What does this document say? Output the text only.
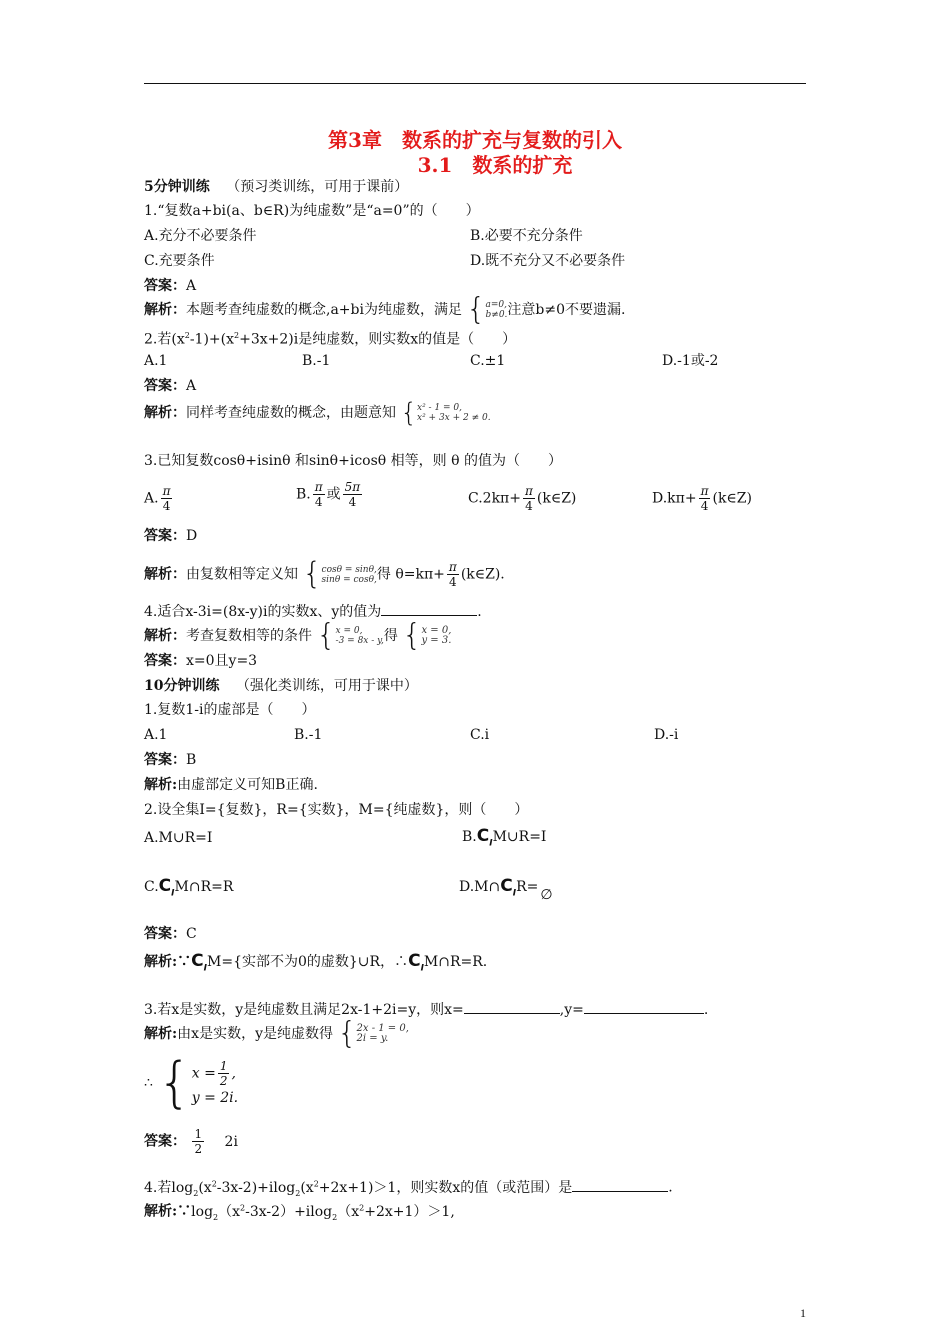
第3章　数系的扩充与复数的引入
3.1　数系的扩充
5分钟训练 （预习类训练，可用于课前）
1.“复数a+bi(a、b∈R)为纯虚数”是“a=0”的（　　）
A.充分不必要条件	B.必要不充分条件
C.充要条件	D.既不充分又不必要条件
答案：A
解析：本题考查纯虚数的概念,a+bi为纯虚数，满足 { a=0,
b≠0. 注意b≠0不要遗漏.
2.若$(x^2-1)+(x^2+3x+2)i$是纯虚数，则实数x的值是（　　）
A.1	B.-1	C.±1	D.-1或-2
答案：A
解析：同样考查纯虚数的概念，由题意知 { x² - 1 = 0,
x² + 3x + 2 ≠ 0.
3.已知复数cosθ+isinθ 和sinθ+icosθ 相等，则 θ 的值为（　　）
A. $\frac{\pi}{4}$	B. $\frac{\pi}{4}$ 或 $\frac{5\pi}{4}$	$C.2k\pi+ \frac{\pi}{4}$ (k∈Z)	$D.k\pi+ \frac{\pi}{4}$ (k∈Z)
答案：D
解析：由复数相等定义知 { cosθ = sinθ,
sinθ = cosθ, 得 $\theta=k\pi+ \frac{\pi}{4}$ (k∈Z).
4.适合x-3i=(8x-y)i的实数x、y的值为	.
解析：考查复数相等的条件 { x = 0,
-3 = 8x - y, 得 { x = 0,
y = 3.
答案：x=0且y=3
10分钟训练 （强化类训练，可用于课中）
1.复数1-i的虚部是（　　）
A.1	B.-1	C.i	D.-i
答案：B
解析:由虚部定义可知B正确.
2.设全集I={复数}，R={实数}，M={纯虚数}，则（　　）
A.M∪R=I	$B.C_IM\cup R=I$
$C.C_IM\cap R=R$	$D.M\cap C_IR=$ ∅
答案：C
解析$:\because C_IM=${实部不为0的虚数}∪R，$\therefore C_IM\cap R=R$.
3.若x是实数，y是纯虚数且满足2x-1+2i=y，则x=	,y=	.
解析:由x是实数，y是纯虚数得 { 2x - 1 = 0,
2i = y.
∴ { $x = \frac{1}{2}$ ,
y = 2i.
答案： $\frac{1}{2} 2i$
4.若$\log_2(x^2-3x-2)+ilog_2(x^2+2x+1)>1$，则实数x的值（或范围）是	.
解析$:\because\log_2(x^2-3x-2)+ilog_2(x^2+2x+1)>1$,
1
